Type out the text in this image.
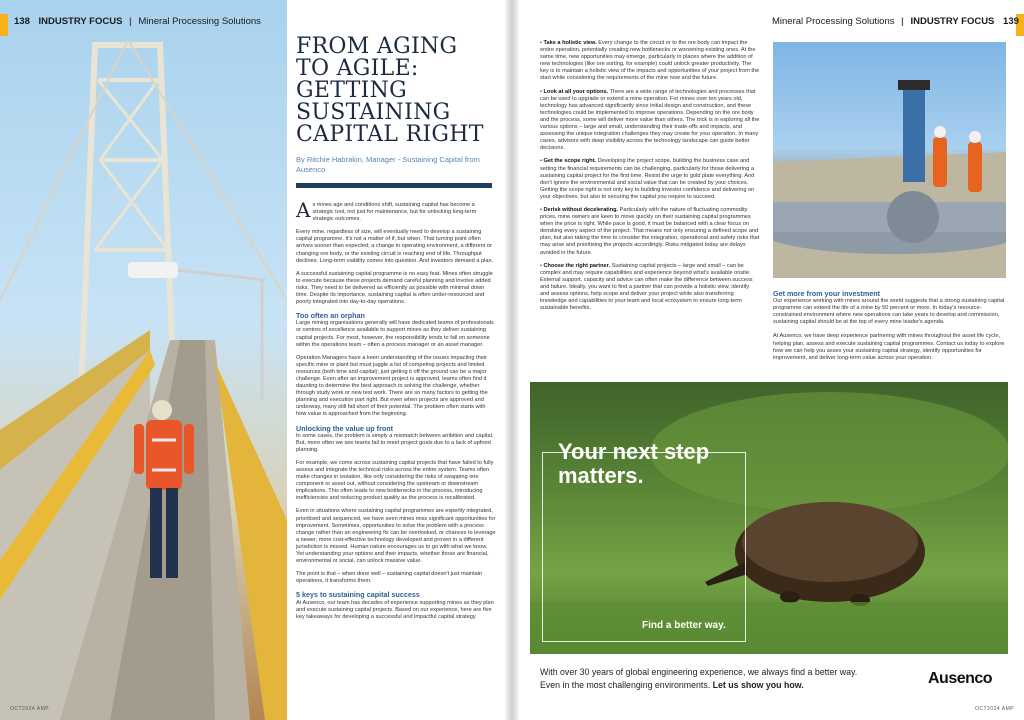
138 INDUSTRY FOCUS | Mineral Processing Solutions
OCT2024 AMP
FROM AGING TO AGILE: GETTING SUSTAINING CAPITAL RIGHT
By Ritchie Habrakin, Manager - Sustaining Capital from Ausenco

As mines age and conditions shift, sustaining capital has become a strategic tool, not just for maintenance, but for unlocking long-term strategic outcomes.

Every mine, regardless of size, will eventually need to develop a sustaining capital programme. It's not a matter of if, but when. That turning point often arrives sooner than expected; a change in operating environment, a different or changing ore body, or the existing circuit is reaching end of life. Throughput declines. Long-term viability comes into question. And investors demand a plan.

A successful sustaining capital programme is no easy feat. Mines often struggle to execute because these projects demand careful planning and involve added risks. They need to be delivered as efficiently as possible with minimal down time. Despite its importance, sustaining capital is often under-resourced and poorly integrated into day-to-day operations.

Too often an orphan

Large mining organisations generally will have dedicated teams of professionals or centres of excellence available to support mines as they deliver sustaining capital projects. For most, however, the responsibility tends to fall on someone within the operations team – often a process manager or an asset manager.

Operation Managers have a keen understanding of the issues impacting their specific mine or plant but must juggle a list of competing projects and limited resources (both time and capital); just getting it off the ground can be a major challenge. Even after an improvement project is approved, teams often find it daunting to determine the best approach to solving the challenge, whether through study work or new test work. There are so many factors to getting the planning and execution part right. But even when projects are approved and underway, many still fall short of their potential. The problem often starts with how value is approached from the beginning.

Unlocking the value up front

In some cases, the problem is simply a mismatch between ambition and capital. But, more often we see teams fail to meet project goals due to a lack of upfront planning.

For example, we come across sustaining capital projects that have failed to fully assess and integrate the technical risks across the entire system. Teams often make changes in isolation, like only considering the risks of swapping one component or asset out, without considering the upstream or downstream implications. This often leads to new bottlenecks in the process, introducing inefficiencies and reducing product quality as the process is recalibrated.

Even in situations where sustaining capital programmes are expertly integrated, prioritised and sequenced, we have seen mines miss significant opportunities for improvement. Sometimes, opportunities to solve the problem with a process change rather than an engineering fix can be overlooked, or chances to leverage a newer, more cost-effective technology developed and proven in a different jurisdiction is missed. Human nature encourages us to go with what we know. Yet understanding your options and their impacts, whether those are financial, environmental or social, can unlock massive value.

The point is that – when done well – sustaining capital doesn't just maintain operations, it transforms them.

5 keys to sustaining capital success

At Ausenco, our team has decades of experience supporting mines as they plan and execute sustaining capital projects. Based on our experience, here are five key takeaways for developing a successful and impactful capital strategy.

Mineral Processing Solutions | INDUSTRY FOCUS 139
• Take a holistic view. Every change to the circuit or to the ore body can impact the entire operation, potentially creating new bottlenecks or worsening existing ones. At the same time, new opportunities may emerge, particularly in places where the addition of new technologies (like ore sorting, for example) could unlock greater productivity. The key is to maintain a holistic view of the impacts and opportunities of your project from the start while considering the requirements of the mine now and the future.
• Look at all your options. There are a wide range of technologies and processes that can be used to upgrade or extend a mine operation. For mines over ten years old, technology has advanced significantly since initial design and construction, and these technologies could be implemented to improve operations. Depending on the ore body and the process, some will deliver more value than others. The trick is in exploring all the various options – large and small, understanding their trade-offs and impacts, and assessing the unique integration challenges they may create for your operation. In many cases, advisors with deep visibility across the technology landscape can guide better decisions.
• Get the scope right. Developing the project scope, building the business case and setting the financial requirements can be challenging, particularly for those delivering a sustaining capital project for the first time. Resist the urge to gold plate everything. And don't ignore the environmental and social value that can be created by your choices. Getting the scope right is not only key to building investor confidence and delivering on your objectives, but also to securing the capital you require to succeed.
• Derisk without decelerating. Particularly with the nature of fluctuating commodity prices, mine owners are keen to move quickly on their sustaining capital programmes when the price is right. While pace is good, it must be balanced with a clear focus on derisking every aspect of the project. That means not only ensuring a defined scope and plan, but also taking the time to consider the integration, operational and safety risks that may arise and prioritising the projects accordingly. Risks mitigated today are delays avoided in the future.
• Choose the right partner. Sustaining capital projects – large and small – can be complex and may require capabilities and experience beyond what's available onsite. External support, capacity and advice can often make the difference between success and failure. Ideally, you want to find a partner that can provide a holistic view, identify and assess options, help scope and deliver your project while also transferring knowledge and capabilities to your team and local ecosystem to ensure long-term sustainable benefits.
Get more from your investment

Our experience working with mines around the world suggests that a strong sustaining capital programme can extend the life of a mine by 50 percent or more. In today's resource-constrained environment where new operations can take years to develop and commission, sustaining capital should be at the top of every mine leader's agenda.

At Ausenco, we have deep experience partnering with mines throughout the asset life cycle, helping plan, assess and execute sustaining capital programmes. Contact us today to explore how we can help you asses your sustaining capital strategy, identify opportunities for improvement, and deliver long-term value across your operation.

Your next step matters.
Find a better way.
With over 30 years of global engineering experience, we always find a better way.
Even in the most challenging environments. Let us show you how.	Ausenco
OCT2024 AMP
